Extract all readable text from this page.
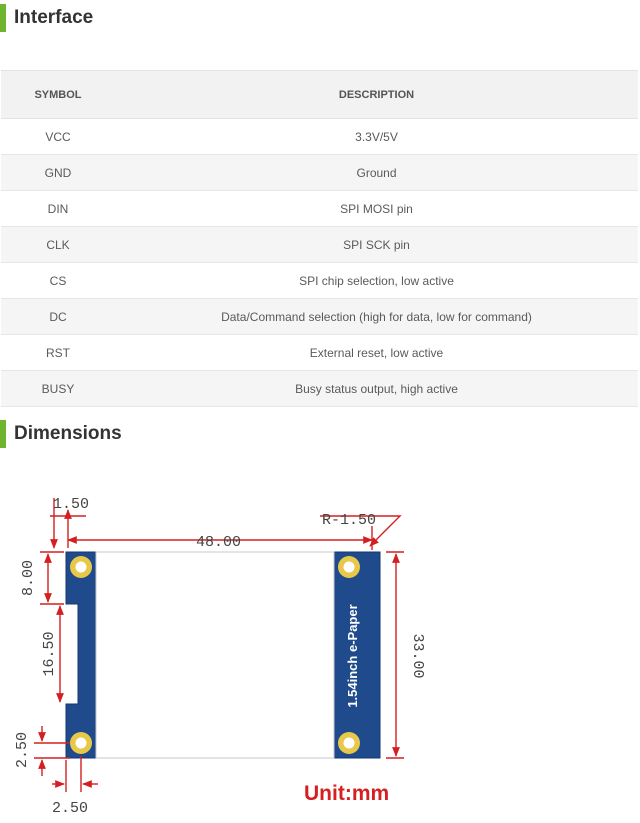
Interface
SYMBOL	DESCRIPTION
VCC	3.3V/5V
GND	Ground
DIN	SPI MOSI pin
CLK	SPI SCK pin
CS	SPI chip selection, low active
DC	Data/Command selection (high for data, low for command)
RST	External reset, low active
BUSY	Busy status output, high active
Dimensions
1.54inch e-Paper
1.50
48.00
R-1.50
8.00
16.50	33.00
2.50
2.50
Unit:mm
